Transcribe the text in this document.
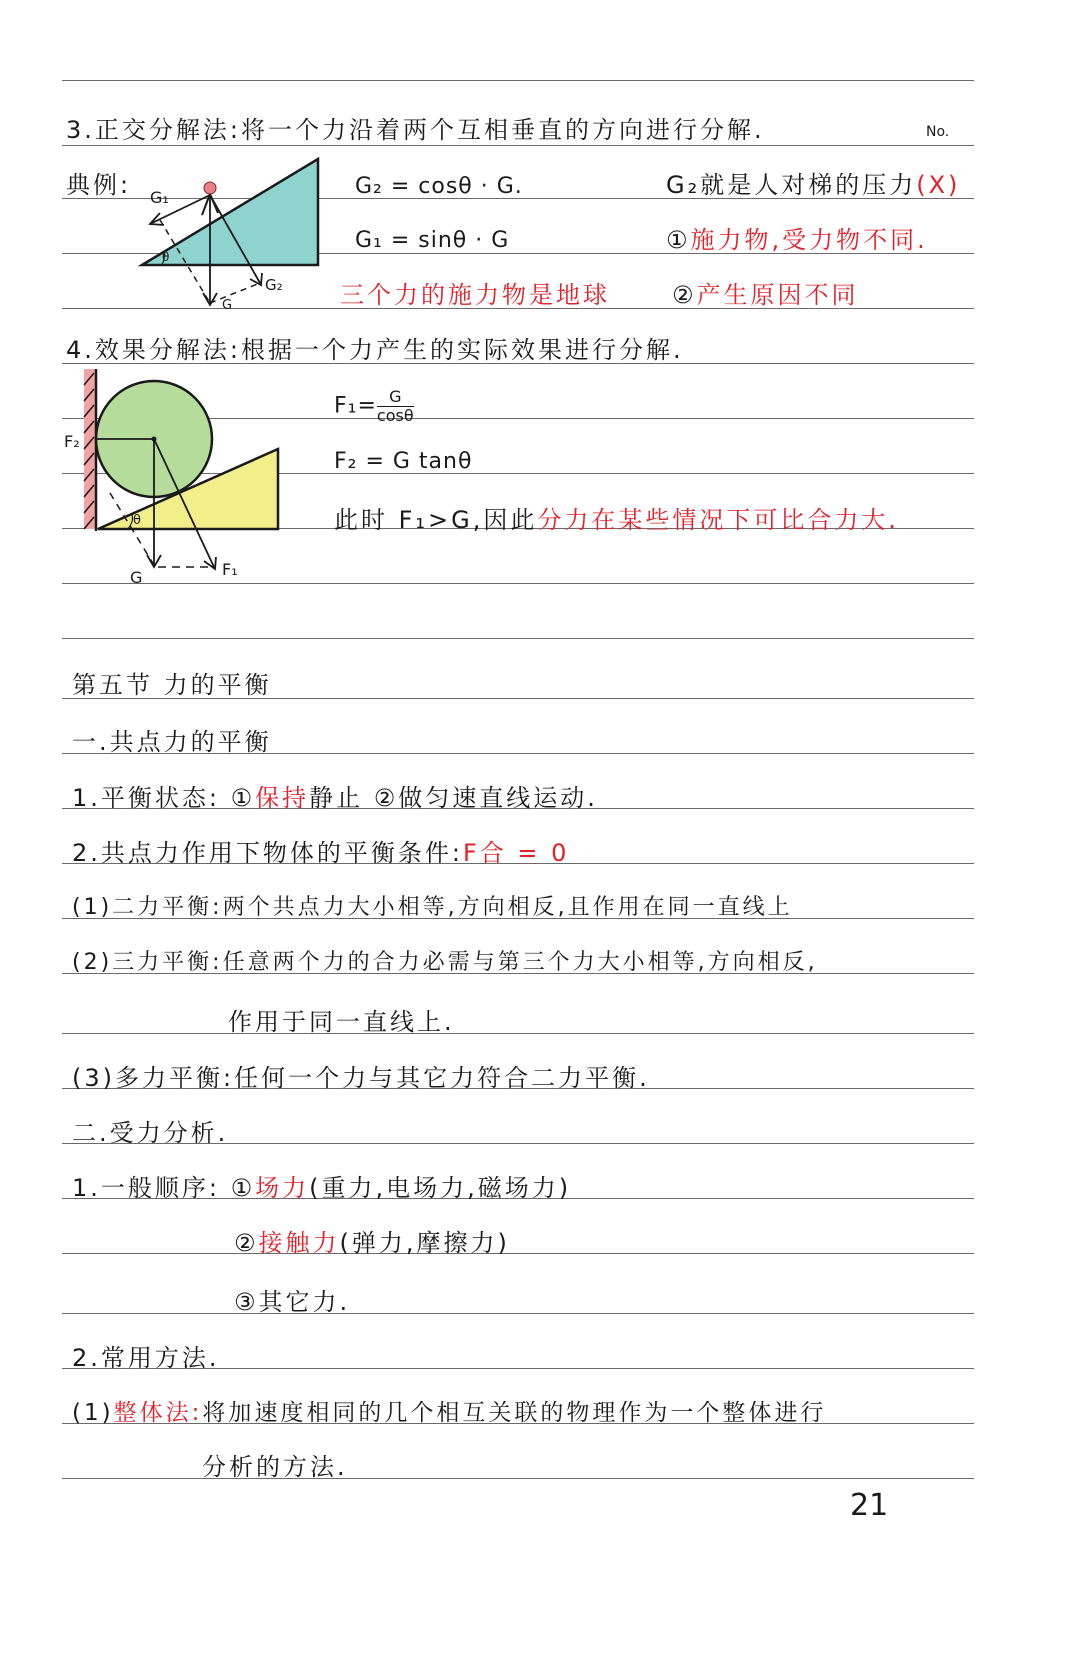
3.正交分解法:将一个力沿着两个互相垂直的方向进行分解.	No.
典例: G₁
θ
G₂
G
G₂ = cosθ · G.
G₁ = sinθ · G
G₂就是人对梯的压力(X)
①施力物,受力物不同.
三个力的施力物是地球	②产生原因不同
4.效果分解法:根据一个力产生的实际效果进行分解.
F₂
θ
G	F₁
$F_1= \frac{G}{\cos\theta}$
F₂ = G tanθ
此时 F₁>G,因此分力在某些情况下可比合力大.
第五节 力的平衡
一.共点力的平衡
1.平衡状态: ①保持静止 ②做匀速直线运动.
2.共点力作用下物体的平衡条件:F合 = 0
(1)二力平衡:两个共点力大小相等,方向相反,且作用在同一直线上
(2)三力平衡:任意两个力的合力必需与第三个力大小相等,方向相反,
作用于同一直线上.
(3)多力平衡:任何一个力与其它力符合二力平衡.
二.受力分析.
1.一般顺序: ①场力(重力,电场力,磁场力)
②接触力(弹力,摩擦力)
③其它力.
2.常用方法.
(1)整体法:将加速度相同的几个相互关联的物理作为一个整体进行
分析的方法.
21
